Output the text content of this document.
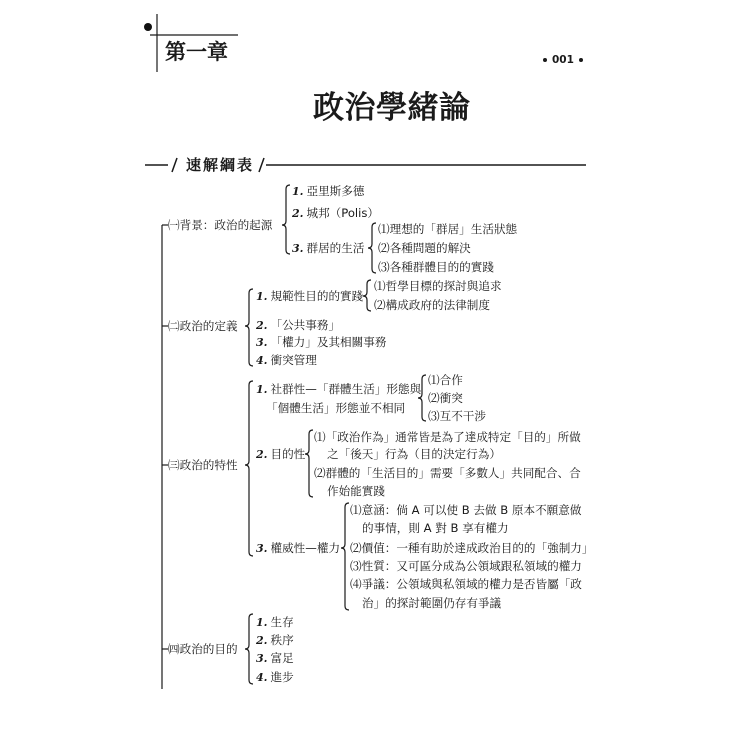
第一章	001
政治學緒論
速解綱表
㈠背景：政治的起源
1. 亞里斯多德
2. 城邦（Polis）
3. 群居的生活
⑴理想的「群居」生活狀態
⑵各種問題的解決
⑶各種群體目的的實踐
㈡政治的定義
1. 規範性目的的實踐
⑴哲學目標的探討與追求
⑵構成政府的法律制度
2. 「公共事務」
3. 「權力」及其相關事務
4. 衝突管理
㈢政治的特性
1. 社群性—「群體生活」形態與
「個體生活」形態並不相同
⑴合作
⑵衝突
⑶互不干涉
2. 目的性
⑴「政治作為」通常皆是為了達成特定「目的」所做
之「後天」行為（目的決定行為）
⑵群體的「生活目的」需要「多數人」共同配合、合
作始能實踐
3. 權威性—權力
⑴意涵：倘 A 可以使 B 去做 B 原本不願意做
的事情，則 A 對 B 享有權力
⑵價值：一種有助於達成政治目的的「強制力」
⑶性質：又可區分成為公領域跟私領域的權力
⑷爭議：公領域與私領域的權力是否皆屬「政
治」的探討範圍仍存有爭議
㈣政治的目的
1. 生存
2. 秩序
3. 富足
4. 進步
